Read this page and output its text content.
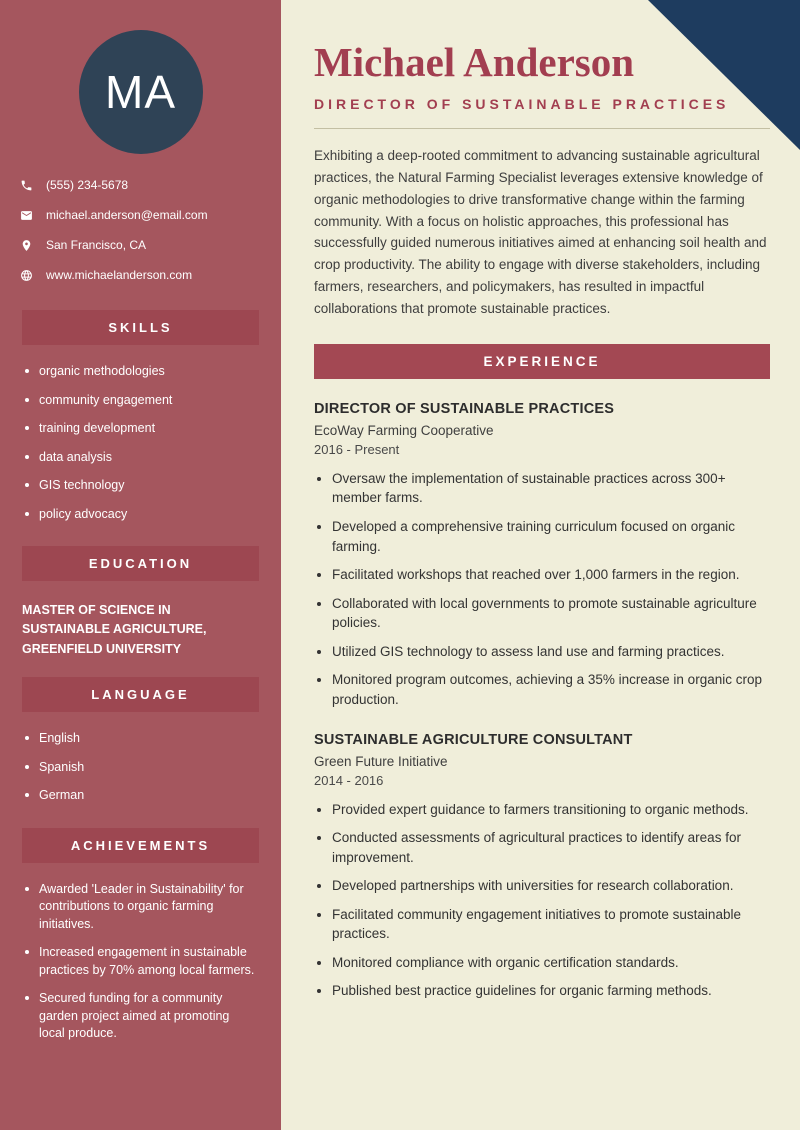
MA
(555) 234-5678
michael.anderson@email.com
San Francisco, CA
www.michaelanderson.com
SKILLS
organic methodologies
community engagement
training development
data analysis
GIS technology
policy advocacy
EDUCATION
MASTER OF SCIENCE IN SUSTAINABLE AGRICULTURE, GREENFIELD UNIVERSITY
LANGUAGE
English
Spanish
German
ACHIEVEMENTS
Awarded 'Leader in Sustainability' for contributions to organic farming initiatives.
Increased engagement in sustainable practices by 70% among local farmers.
Secured funding for a community garden project aimed at promoting local produce.
Michael Anderson
DIRECTOR OF SUSTAINABLE PRACTICES

Exhibiting a deep-rooted commitment to advancing sustainable agricultural practices, the Natural Farming Specialist leverages extensive knowledge of organic methodologies to drive transformative change within the farming community. With a focus on holistic approaches, this professional has successfully guided numerous initiatives aimed at enhancing soil health and crop productivity. The ability to engage with diverse stakeholders, including farmers, researchers, and policymakers, has resulted in impactful collaborations that promote sustainable practices.

EXPERIENCE
DIRECTOR OF SUSTAINABLE PRACTICES
EcoWay Farming Cooperative
2016 - Present
• Oversaw the implementation of sustainable practices across 300+ member farms.
• Developed a comprehensive training curriculum focused on organic farming.
• Facilitated workshops that reached over 1,000 farmers in the region.
• Collaborated with local governments to promote sustainable agriculture policies.
• Utilized GIS technology to assess land use and farming practices.
• Monitored program outcomes, achieving a 35% increase in organic crop production.
SUSTAINABLE AGRICULTURE CONSULTANT
Green Future Initiative
2014 - 2016
• Provided expert guidance to farmers transitioning to organic methods.
• Conducted assessments of agricultural practices to identify areas for improvement.
• Developed partnerships with universities for research collaboration.
• Facilitated community engagement initiatives to promote sustainable practices.
• Monitored compliance with organic certification standards.
• Published best practice guidelines for organic farming methods.
